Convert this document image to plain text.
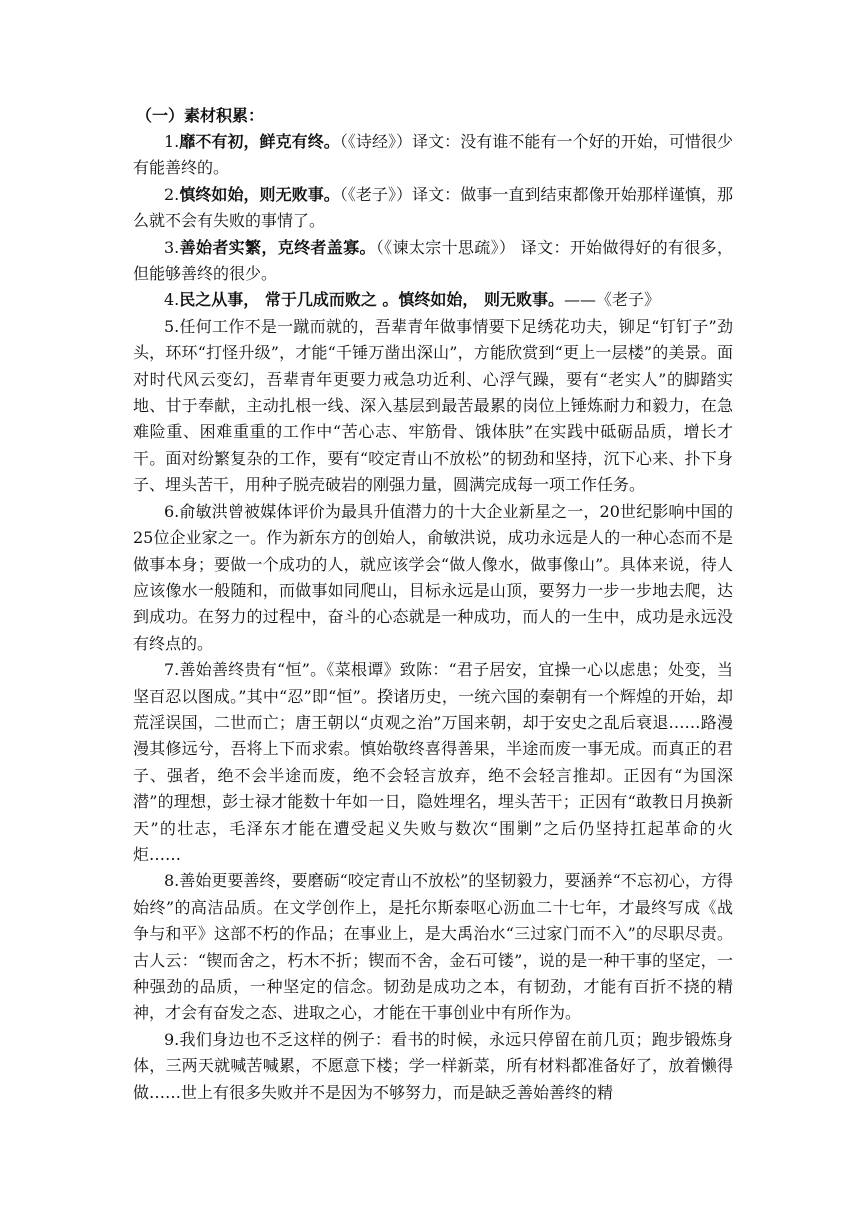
（一）素材积累：

1.靡不有初，鲜克有终。（《诗经》）译文：没有谁不能有一个好的开始，可惜很少有能善终的。

2.慎终如始，则无败事。（《老子》）译文：做事一直到结束都像开始那样谨慎，那么就不会有失败的事情了。

3.善始者实繁，克终者盖寡。（《谏太宗十思疏》） 译文：开始做得好的有很多，但能够善终的很少。

4.民之从事， 常于几成而败之 。慎终如始， 则无败事。——《老子》

5.任何工作不是一蹴而就的，吾辈青年做事情要下足绣花功夫，铆足“钉钉子”劲头，环环“打怪升级”，才能“千锤万凿出深山”，方能欣赏到“更上一层楼”的美景。面对时代风云变幻，吾辈青年更要力戒急功近利、心浮气躁，要有“老实人”的脚踏实地、甘于奉献，主动扎根一线、深入基层到最苦最累的岗位上锤炼耐力和毅力，在急难险重、困难重重的工作中“苦心志、牢筋骨、饿体肤”在实践中砥砺品质，增长才干。面对纷繁复杂的工作，要有“咬定青山不放松”的韧劲和坚持，沉下心来、扑下身子、埋头苦干，用种子脱壳破岩的刚强力量，圆满完成每一项工作任务。

6.俞敏洪曾被媒体评价为最具升值潜力的十大企业新星之一，20世纪影响中国的25位企业家之一。作为新东方的创始人，俞敏洪说，成功永远是人的一种心态而不是做事本身；要做一个成功的人，就应该学会“做人像水，做事像山”。具体来说，待人应该像水一般随和，而做事如同爬山，目标永远是山顶，要努力一步一步地去爬，达到成功。在努力的过程中，奋斗的心态就是一种成功，而人的一生中，成功是永远没有终点的。

7.善始善终贵有“恒”。《菜根谭》致陈：“君子居安，宜操一心以虑患；处变，当坚百忍以图成。”其中“忍”即“恒”。揆诸历史，一统六国的秦朝有一个辉煌的开始，却荒淫误国，二世而亡；唐王朝以“贞观之治”万国来朝，却于安史之乱后衰退……路漫漫其修远兮，吾将上下而求索。慎始敬终喜得善果，半途而废一事无成。而真正的君子、强者，绝不会半途而废，绝不会轻言放弃，绝不会轻言推却。正因有“为国深潜”的理想，彭士禄才能数十年如一日，隐姓埋名，埋头苦干；正因有“敢教日月换新天”的壮志，毛泽东才能在遭受起义失败与数次“围剿”之后仍坚持扛起革命的火炬……

8.善始更要善终，要磨砺“咬定青山不放松”的坚韧毅力，要涵养“不忘初心，方得始终”的高洁品质。在文学创作上，是托尔斯泰呕心沥血二十七年，才最终写成《战争与和平》这部不朽的作品；在事业上，是大禹治水“三过家门而不入”的尽职尽责。古人云：“锲而舍之，朽木不折；锲而不舍，金石可镂”，说的是一种干事的坚定，一种强劲的品质，一种坚定的信念。韧劲是成功之本，有韧劲，才能有百折不挠的精神，才会有奋发之态、进取之心，才能在干事创业中有所作为。

9.我们身边也不乏这样的例子：看书的时候，永远只停留在前几页；跑步锻炼身体，三两天就喊苦喊累，不愿意下楼；学一样新菜，所有材料都准备好了，放着懒得做……世上有很多失败并不是因为不够努力，而是缺乏善始善终的精
